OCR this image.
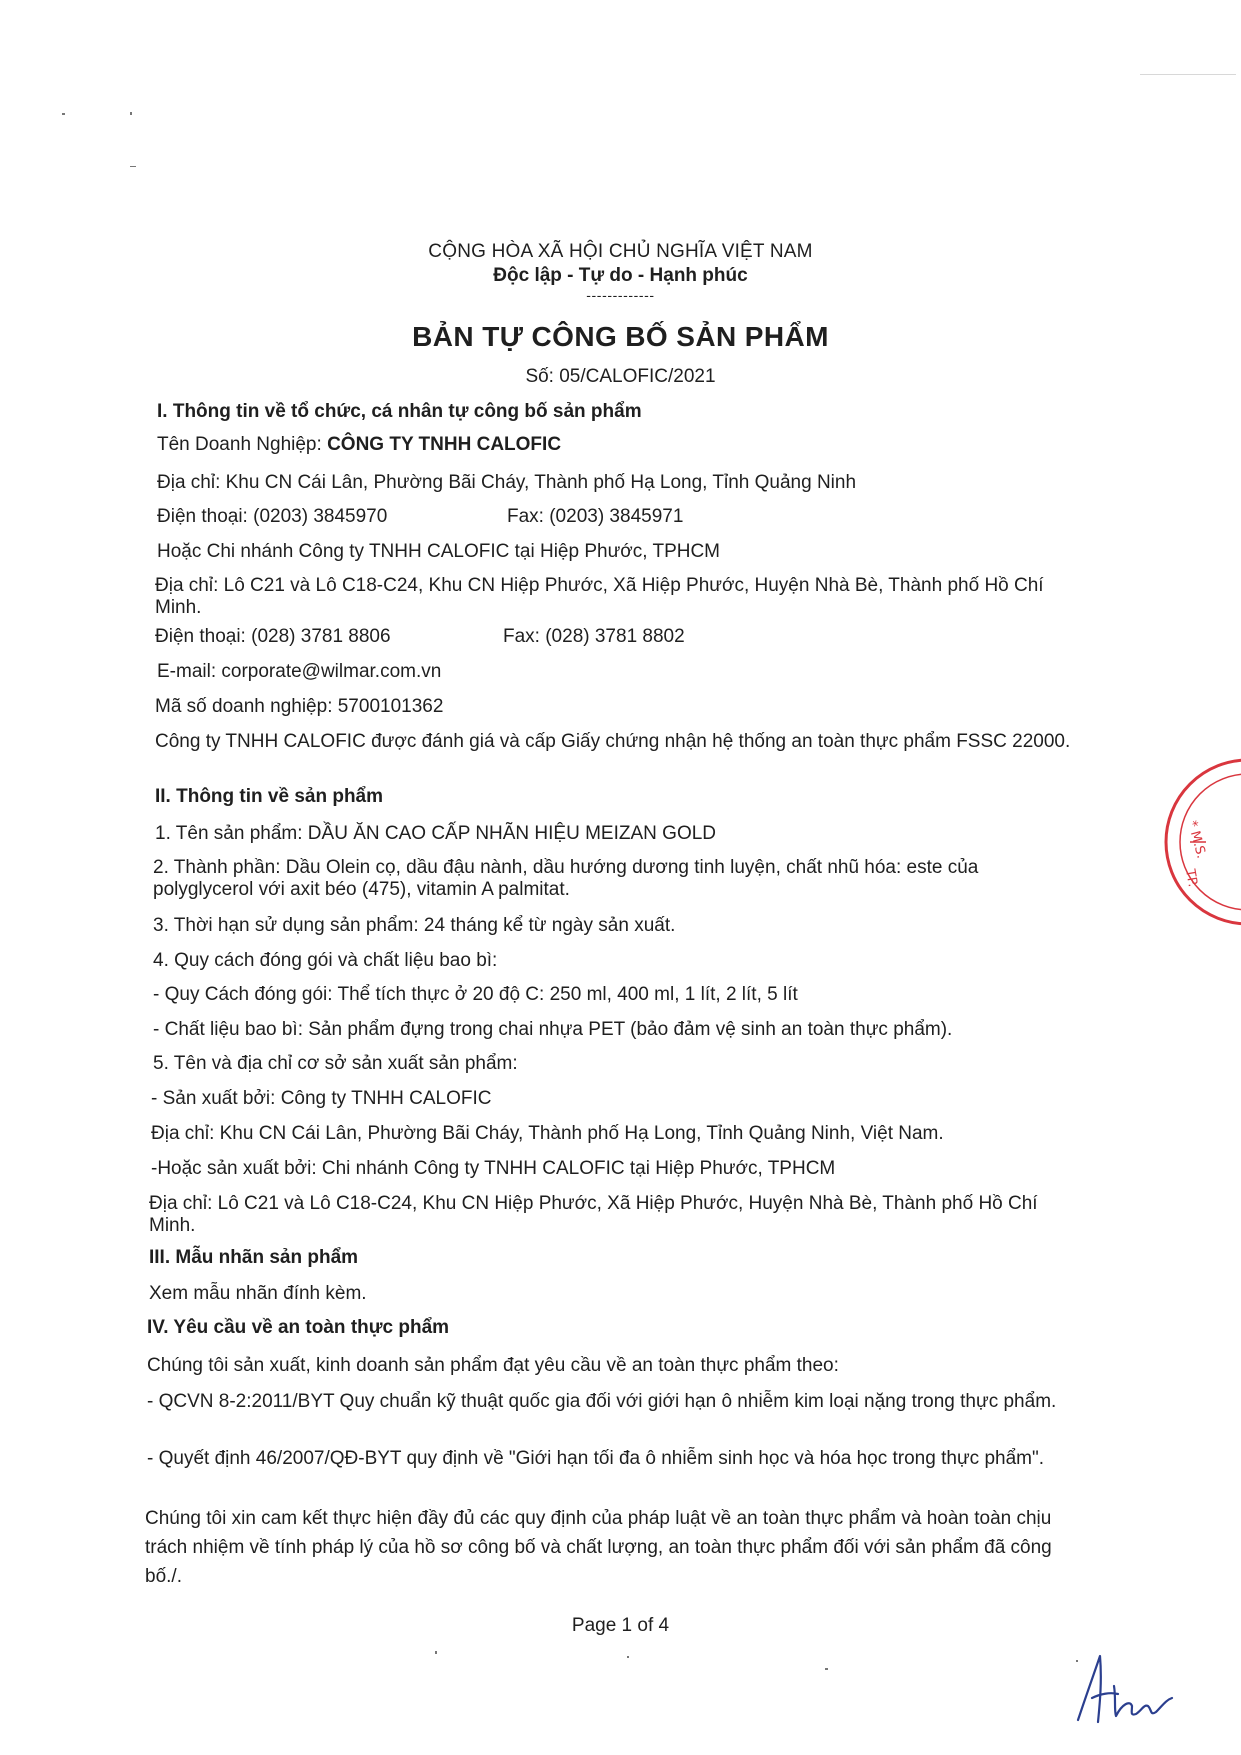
CỘNG HÒA XÃ HỘI CHỦ NGHĨA VIỆT NAM
Độc lập - Tự do - Hạnh phúc
-------------
BẢN TỰ CÔNG BỐ SẢN PHẨM
Số: 05/CALOFIC/2021
I. Thông tin về tổ chức, cá nhân tự công bố sản phẩm
Tên Doanh Nghiệp: CÔNG TY TNHH CALOFIC
Địa chỉ: Khu CN Cái Lân, Phường Bãi Cháy, Thành phố Hạ Long, Tỉnh Quảng Ninh
Điện thoại: (0203) 3845970	Fax: (0203) 3845971
Hoặc Chi nhánh Công ty TNHH CALOFIC tại Hiệp Phước, TPHCM
Địa chỉ: Lô C21 và Lô C18-C24, Khu CN Hiệp Phước, Xã Hiệp Phước, Huyện Nhà Bè, Thành phố Hồ Chí Minh.
Điện thoại: (028) 3781 8806	Fax: (028) 3781 8802
E-mail: corporate@wilmar.com.vn
Mã số doanh nghiệp: 5700101362
Công ty TNHH CALOFIC được đánh giá và cấp Giấy chứng nhận hệ thống an toàn thực phẩm FSSC 22000.
II. Thông tin về sản phẩm
1. Tên sản phẩm: DẦU ĂN CAO CẤP NHÃN HIỆU MEIZAN GOLD
2. Thành phần: Dầu Olein cọ, dầu đậu nành, dầu hướng dương tinh luyện, chất nhũ hóa: este của polyglycerol với axit béo (475), vitamin A palmitat.
3. Thời hạn sử dụng sản phẩm: 24 tháng kể từ ngày sản xuất.
4. Quy cách đóng gói và chất liệu bao bì:
- Quy Cách đóng gói: Thể tích thực ở 20 độ C: 250 ml, 400 ml, 1 lít, 2 lít, 5 lít
- Chất liệu bao bì: Sản phẩm đựng trong chai nhựa PET (bảo đảm vệ sinh an toàn thực phẩm).
5. Tên và địa chỉ cơ sở sản xuất sản phẩm:
- Sản xuất bởi: Công ty TNHH CALOFIC
Địa chỉ: Khu CN Cái Lân, Phường Bãi Cháy, Thành phố Hạ Long, Tỉnh Quảng Ninh, Việt Nam.
-Hoặc sản xuất bởi: Chi nhánh Công ty TNHH CALOFIC tại Hiệp Phước, TPHCM
Địa chỉ: Lô C21 và Lô C18-C24, Khu CN Hiệp Phước, Xã Hiệp Phước, Huyện Nhà Bè, Thành phố Hồ Chí Minh.
III. Mẫu nhãn sản phẩm
Xem mẫu nhãn đính kèm.
IV. Yêu cầu về an toàn thực phẩm
Chúng tôi sản xuất, kinh doanh sản phẩm đạt yêu cầu về an toàn thực phẩm theo:
- QCVN 8-2:2011/BYT Quy chuẩn kỹ thuật quốc gia đối với giới hạn ô nhiễm kim loại nặng trong thực phẩm.
- Quyết định 46/2007/QĐ-BYT quy định về "Giới hạn tối đa ô nhiễm sinh học và hóa học trong thực phẩm".
Chúng tôi xin cam kết thực hiện đầy đủ các quy định của pháp luật về an toàn thực phẩm và hoàn toàn chịu trách nhiệm về tính pháp lý của hồ sơ công bố và chất lượng, an toàn thực phẩm đối với sản phẩm đã công bố./.
Page 1 of 4
* M.S.
TP.
